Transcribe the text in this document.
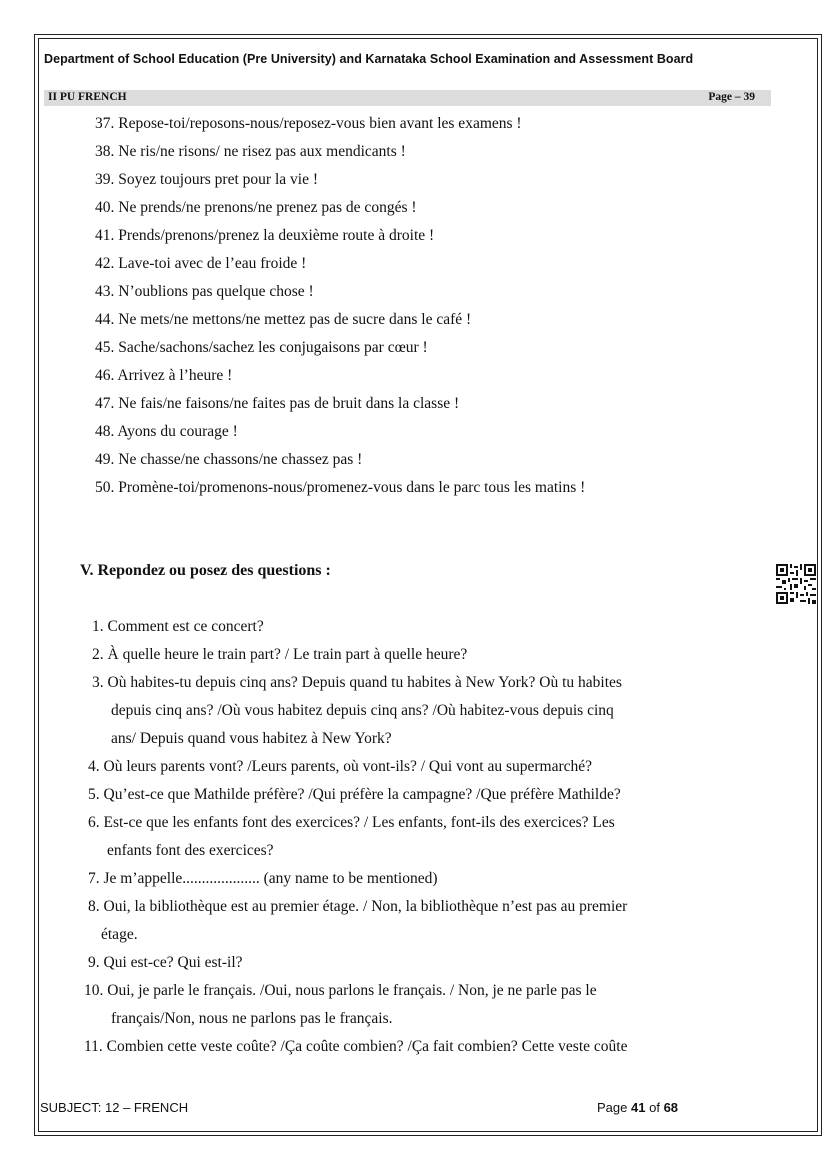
Department of School Education (Pre University) and Karnataka School Examination and Assessment Board
II PU FRENCH	Page – 39
37. Repose-toi/reposons-nous/reposez-vous bien avant les examens !
38. Ne ris/ne risons/ ne risez pas aux mendicants !
39. Soyez toujours pret pour la vie !
40. Ne prends/ne prenons/ne prenez pas de congés !
41. Prends/prenons/prenez la deuxième route à droite !
42. Lave-toi avec de l’eau froide !
43. N’oublions pas quelque chose !
44. Ne mets/ne mettons/ne mettez pas de sucre dans le café !
45. Sache/sachons/sachez les conjugaisons par cœur !
46. Arrivez à l’heure !
47. Ne fais/ne faisons/ne faites pas de bruit dans la classe !
48. Ayons du courage !
49. Ne chasse/ne chassons/ne chassez pas !
50. Promène-toi/promenons-nous/promenez-vous dans le parc tous les matins !
V. Repondez ou posez des questions :
1. Comment est ce concert?
2. À quelle heure le train part? / Le train part à quelle heure?
3. Où habites-tu depuis cinq ans? Depuis quand tu habites à New York? Où tu habites
depuis cinq ans? /Où vous habitez depuis cinq ans? /Où habitez-vous depuis cinq
ans/ Depuis quand vous habitez à New York?
4. Où leurs parents vont? /Leurs parents, où vont-ils? / Qui vont au supermarché?
5. Qu’est-ce que Mathilde préfère? /Qui préfère la campagne? /Que préfère Mathilde?
6. Est-ce que les enfants font des exercices? / Les enfants, font-ils des exercices? Les
enfants font des exercices?
7. Je m’appelle.................... (any name to be mentioned)
8. Oui, la bibliothèque est au premier étage. / Non, la bibliothèque n’est pas au premier
étage.
9. Qui est-ce? Qui est-il?
10. Oui, je parle le français. /Oui, nous parlons le français. / Non, je ne parle pas le
français/Non, nous ne parlons pas le français.
11. Combien cette veste coûte? /Ça coûte combien? /Ça fait combien? Cette veste coûte
SUBJECT: 12 – FRENCH	Page 41 of 68
